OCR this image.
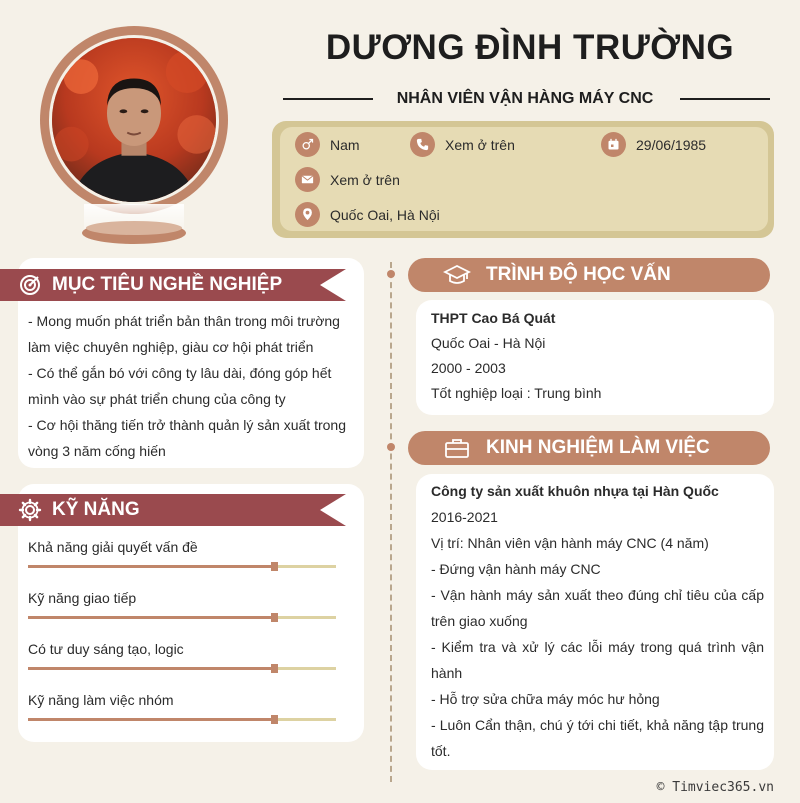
DƯƠNG ĐÌNH TRƯỜNG
NHÂN VIÊN VẬN HÀNG MÁY CNC
Nam	Xem ở trên	29/06/1985
Xem ở trên
Quốc Oai, Hà Nội
MỤC TIÊU NGHỀ NGHIỆP
- Mong muốn phát triển bản thân trong môi trường
làm việc chuyên nghiệp, giàu cơ hội phát triển
- Có thể gắn bó với công ty lâu dài, đóng góp hết
mình vào sự phát triển chung của công ty
- Cơ hội thăng tiến trở thành quản lý sản xuất trong
vòng 3 năm cống hiến
KỸ NĂNG
Khả năng giải quyết vấn đề
Kỹ năng giao tiếp
Có tư duy sáng tạo, logic
Kỹ năng làm việc nhóm
TRÌNH ĐỘ HỌC VẤN
THPT Cao Bá Quát
Quốc Oai - Hà Nội
2000 - 2003
Tốt nghiệp loại : Trung bình
KINH NGHIỆM LÀM VIỆC
Công ty sản xuất khuôn nhựa tại Hàn Quốc
2016-2021
Vị trí: Nhân viên vận hành máy CNC (4 năm)
- Đứng vận hành máy CNC
- Vận hành máy sản xuất theo đúng chỉ tiêu của cấp trên giao xuống
- Kiểm tra và xử lý các lỗi máy trong quá trình vận hành
- Hỗ trợ sửa chữa máy móc hư hỏng
- Luôn Cẩn thận, chú ý tới chi tiết, khả năng tập trung tốt.
© Timviec365.vn
